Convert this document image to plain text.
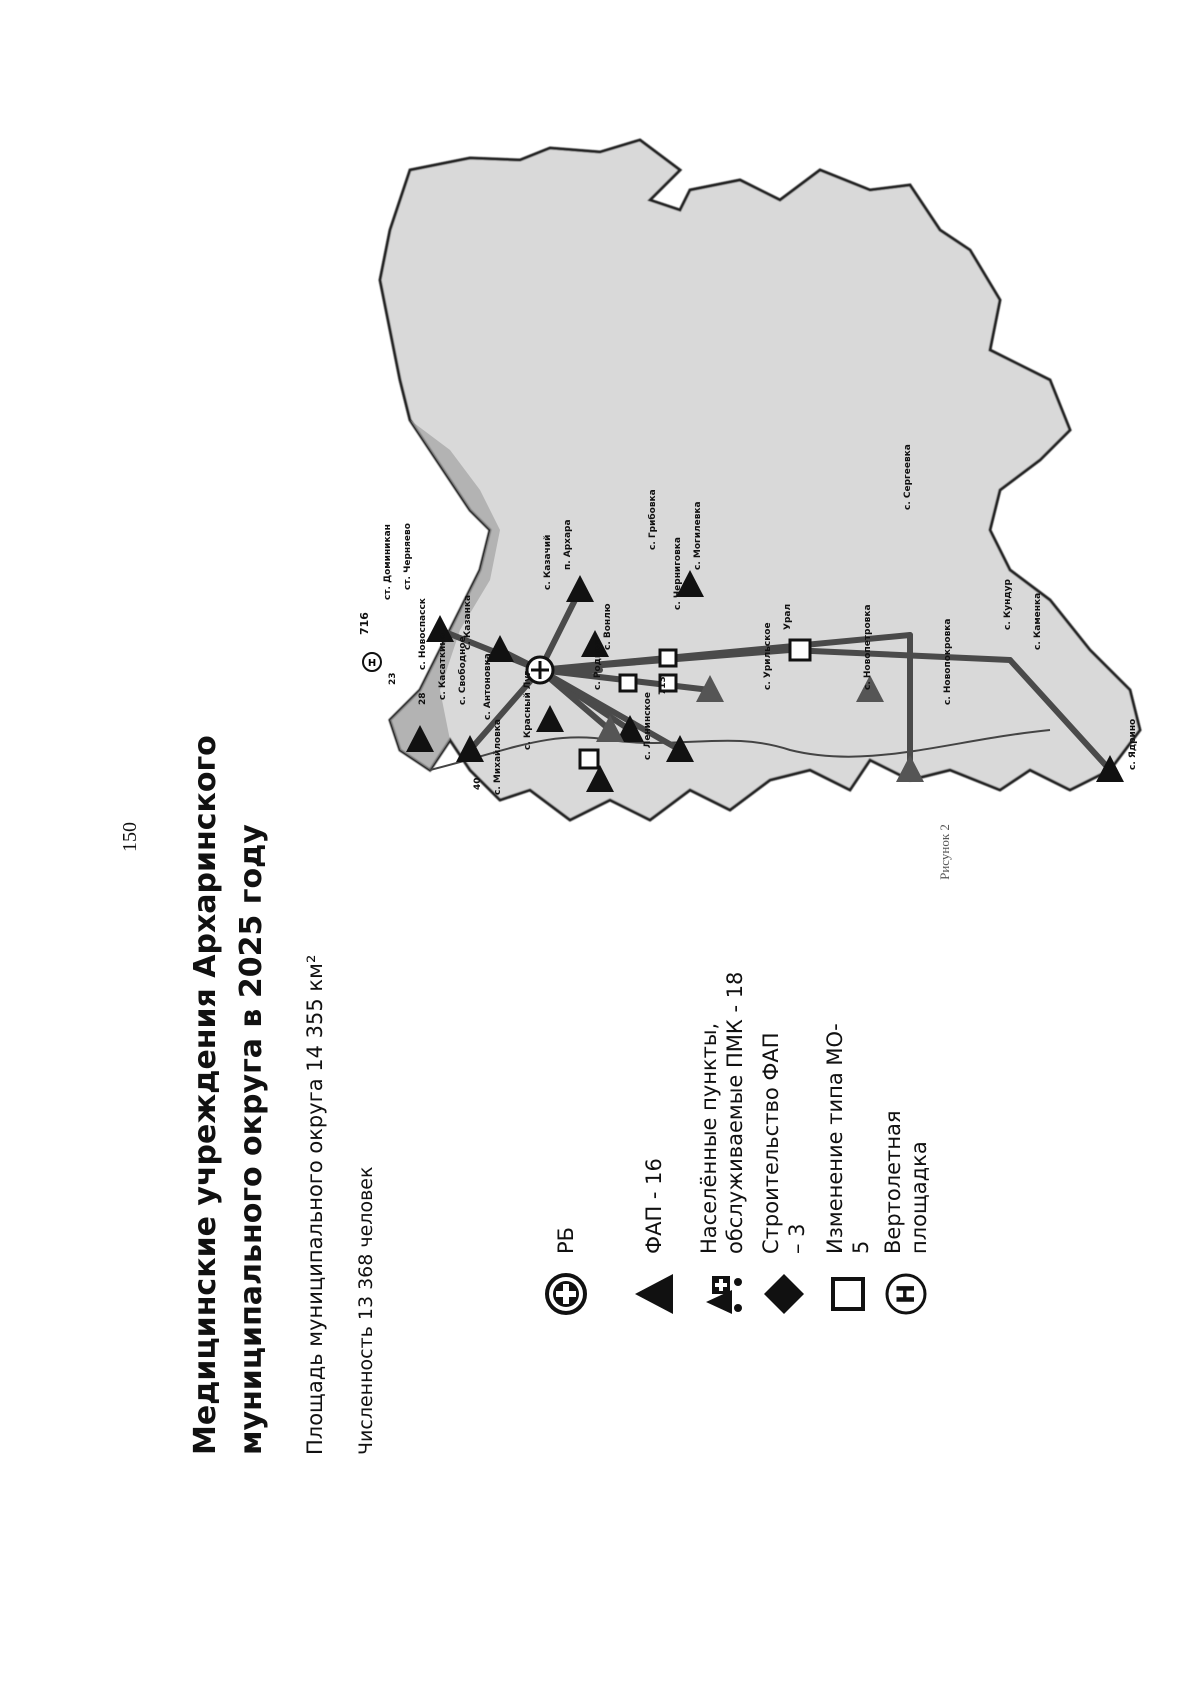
150
с. Новоспасск с. Касаткино с. Свободное с. Антоновка	с. Красный Луг
п. Архара	с. Грибовка
ст. Черняево
ст. Доминикан
с. Кундур
с. Новопокровка
с. Ядрино
с. Каменка
с. Ленинское
с. Родное
с. Михайловка
с. Урильское	с. Новопетровка
с. Казанка
с. Казачий	с. Черниговка
с. Сергеевка
с. Могилевка
с. Вонлю	Урал
716
713
23
28
40
H
Рисунок 2
РБ	ФАП - 16 Населённые пункты,
обслуживаемые ПМК - 18
Строительство ФАП – 3 Изменение типа МО- 5
H
Вертолетная площадка
Медицинские учреждения Архаринского
муниципального округа в 2025 году
Площадь муниципального округа 14 355 км² Численность 13 368 человек
